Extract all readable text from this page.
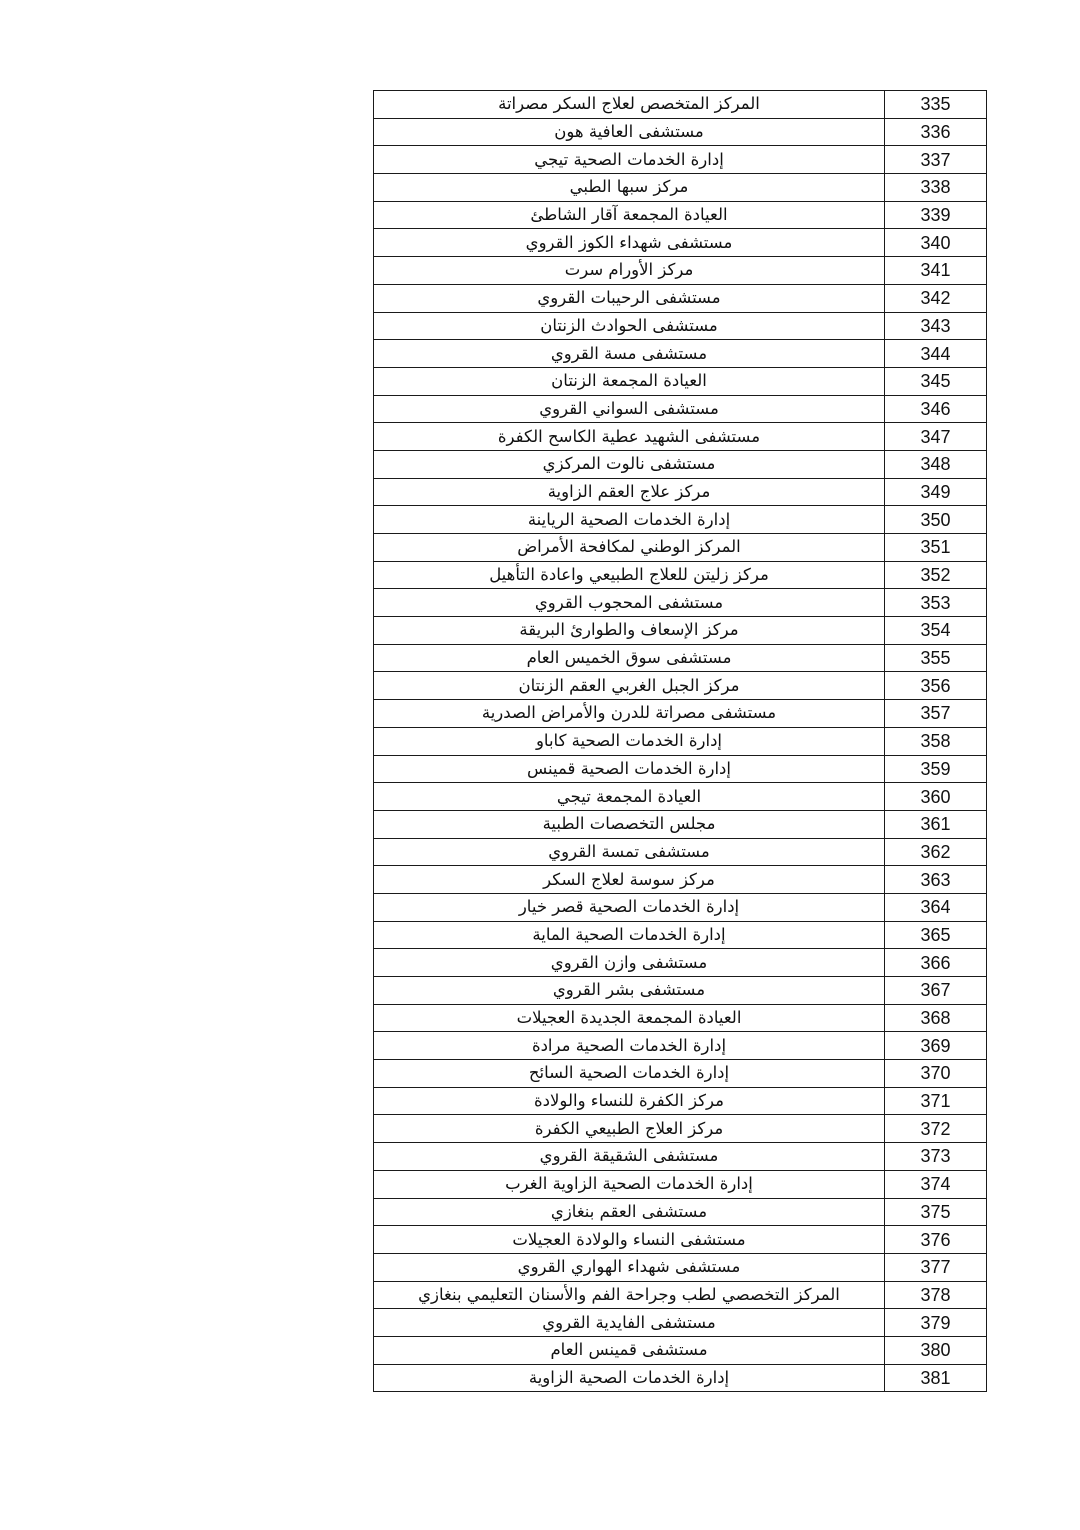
المركز المتخصص لعلاج السكر مصراتة	335
مستشفى العافية هون	336
إدارة الخدمات الصحية تيجي	337
مركز سبها الطبي	338
العيادة المجمعة آقار الشاطئ	339
مستشفى شهداء الكوز القروي	340
مركز الأورام سرت	341
مستشفى الرحيبات القروي	342
مستشفى الحوادث الزنتان	343
مستشفى مسة القروي	344
العيادة المجمعة الزنتان	345
مستشفى السواني القروي	346
مستشفى الشهيد عطية الكاسح الكفرة	347
مستشفى نالوت المركزي	348
مركز علاج العقم الزاوية	349
إدارة الخدمات الصحية الرياينة	350
المركز الوطني لمكافحة الأمراض	351
مركز زليتن للعلاج الطبيعي واعادة التأهيل	352
مستشفى المحجوب القروي	353
مركز الإسعاف والطوارئ البريقة	354
مستشفى سوق الخميس العام	355
مركز الجبل الغربي العقم الزنتان	356
مستشفى مصراتة للدرن والأمراض الصدرية	357
إدارة الخدمات الصحية كاباو	358
إدارة الخدمات الصحية قمينس	359
العيادة المجمعة تيجي	360
مجلس التخصصات الطبية	361
مستشفى تمسة القروي	362
مركز سوسة لعلاج السكر	363
إدارة الخدمات الصحية قصر خيار	364
إدارة الخدمات الصحية الماية	365
مستشفى وازن القروي	366
مستشفى بشر القروي	367
العيادة المجمعة الجديدة العجيلات	368
إدارة الخدمات الصحية مرادة	369
إدارة الخدمات الصحية السائح	370
مركز الكفرة للنساء والولادة	371
مركز العلاج الطبيعي الكفرة	372
مستشفى الشقيقة القروي	373
إدارة الخدمات الصحية الزاوية الغرب	374
مستشفى العقم بنغازي	375
مستشفى النساء والولادة العجيلات	376
مستشفى شهداء الهواري القروي	377
المركز التخصصي لطب وجراحة الفم والأسنان التعليمي بنغازي	378
مستشفى الفايدية القروي	379
مستشفى قمينس العام	380
إدارة الخدمات الصحية الزاوية	381
